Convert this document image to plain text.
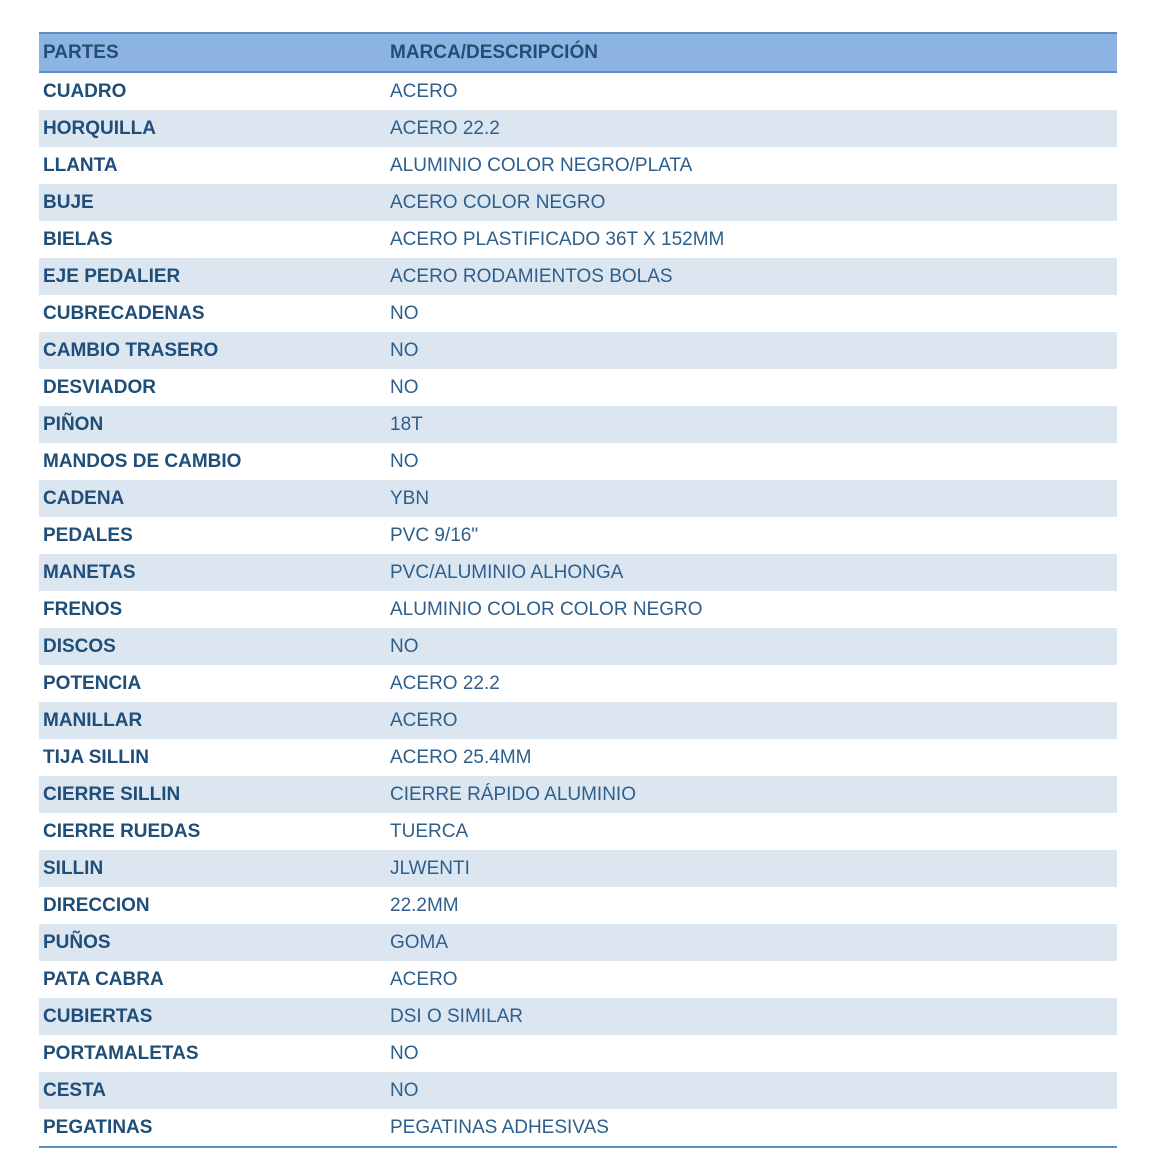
PARTES	MARCA/DESCRIPCIÓN
CUADRO	ACERO
HORQUILLA	ACERO 22.2
LLANTA	ALUMINIO COLOR NEGRO/PLATA
BUJE	ACERO COLOR NEGRO
BIELAS	ACERO PLASTIFICADO 36T X 152MM
EJE PEDALIER	ACERO RODAMIENTOS BOLAS
CUBRECADENAS	NO
CAMBIO TRASERO	NO
DESVIADOR	NO
PIÑON	18T
MANDOS DE CAMBIO	NO
CADENA	YBN
PEDALES	PVC 9/16"
MANETAS	PVC/ALUMINIO ALHONGA
FRENOS	ALUMINIO COLOR COLOR NEGRO
DISCOS	NO
POTENCIA	ACERO 22.2
MANILLAR	ACERO
TIJA SILLIN	ACERO 25.4MM
CIERRE SILLIN	CIERRE RÁPIDO ALUMINIO
CIERRE RUEDAS	TUERCA
SILLIN	JLWENTI
DIRECCION	22.2MM
PUÑOS	GOMA
PATA CABRA	ACERO
CUBIERTAS	DSI O SIMILAR
PORTAMALETAS	NO
CESTA	NO
PEGATINAS	PEGATINAS ADHESIVAS
